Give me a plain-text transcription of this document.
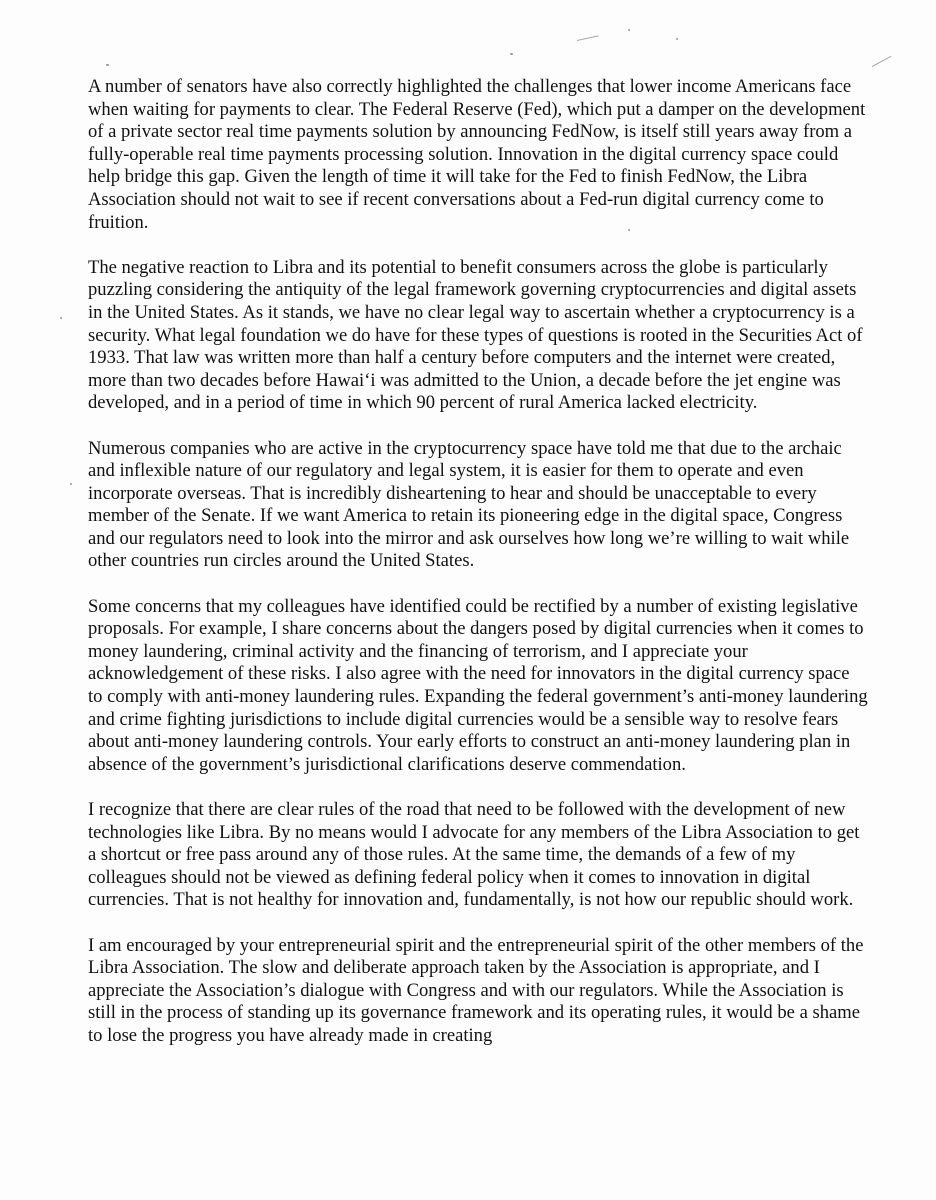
A number of senators have also correctly highlighted the challenges that lower income Americans face when waiting for payments to clear. The Federal Reserve (Fed), which put a damper on the development of a private sector real time payments solution by announcing FedNow, is itself still years away from a fully-operable real time payments processing solution. Innovation in the digital currency space could help bridge this gap. Given the length of time it will take for the Fed to finish FedNow, the Libra Association should not wait to see if recent conversations about a Fed-run digital currency come to fruition.

The negative reaction to Libra and its potential to benefit consumers across the globe is particularly puzzling considering the antiquity of the legal framework governing cryptocurrencies and digital assets in the United States. As it stands, we have no clear legal way to ascertain whether a cryptocurrency is a security. What legal foundation we do have for these types of questions is rooted in the Securities Act of 1933. That law was written more than half a century before computers and the internet were created, more than two decades before Hawai‘i was admitted to the Union, a decade before the jet engine was developed, and in a period of time in which 90 percent of rural America lacked electricity.

Numerous companies who are active in the cryptocurrency space have told me that due to the archaic and inflexible nature of our regulatory and legal system, it is easier for them to operate and even incorporate overseas. That is incredibly disheartening to hear and should be unacceptable to every member of the Senate. If we want America to retain its pioneering edge in the digital space, Congress and our regulators need to look into the mirror and ask ourselves how long we’re willing to wait while other countries run circles around the United States.

Some concerns that my colleagues have identified could be rectified by a number of existing legislative proposals. For example, I share concerns about the dangers posed by digital currencies when it comes to money laundering, criminal activity and the financing of terrorism, and I appreciate your acknowledgement of these risks. I also agree with the need for innovators in the digital currency space to comply with anti-money laundering rules. Expanding the federal government’s anti-money laundering and crime fighting jurisdictions to include digital currencies would be a sensible way to resolve fears about anti-money laundering controls. Your early efforts to construct an anti-money laundering plan in absence of the government’s jurisdictional clarifications deserve commendation.

I recognize that there are clear rules of the road that need to be followed with the development of new technologies like Libra. By no means would I advocate for any members of the Libra Association to get a shortcut or free pass around any of those rules. At the same time, the demands of a few of my colleagues should not be viewed as defining federal policy when it comes to innovation in digital currencies. That is not healthy for innovation and, fundamentally, is not how our republic should work.

I am encouraged by your entrepreneurial spirit and the entrepreneurial spirit of the other members of the Libra Association. The slow and deliberate approach taken by the Association is appropriate, and I appreciate the Association’s dialogue with Congress and with our regulators. While the Association is still in the process of standing up its governance framework and its operating rules, it would be a shame to lose the progress you have already made in creating
